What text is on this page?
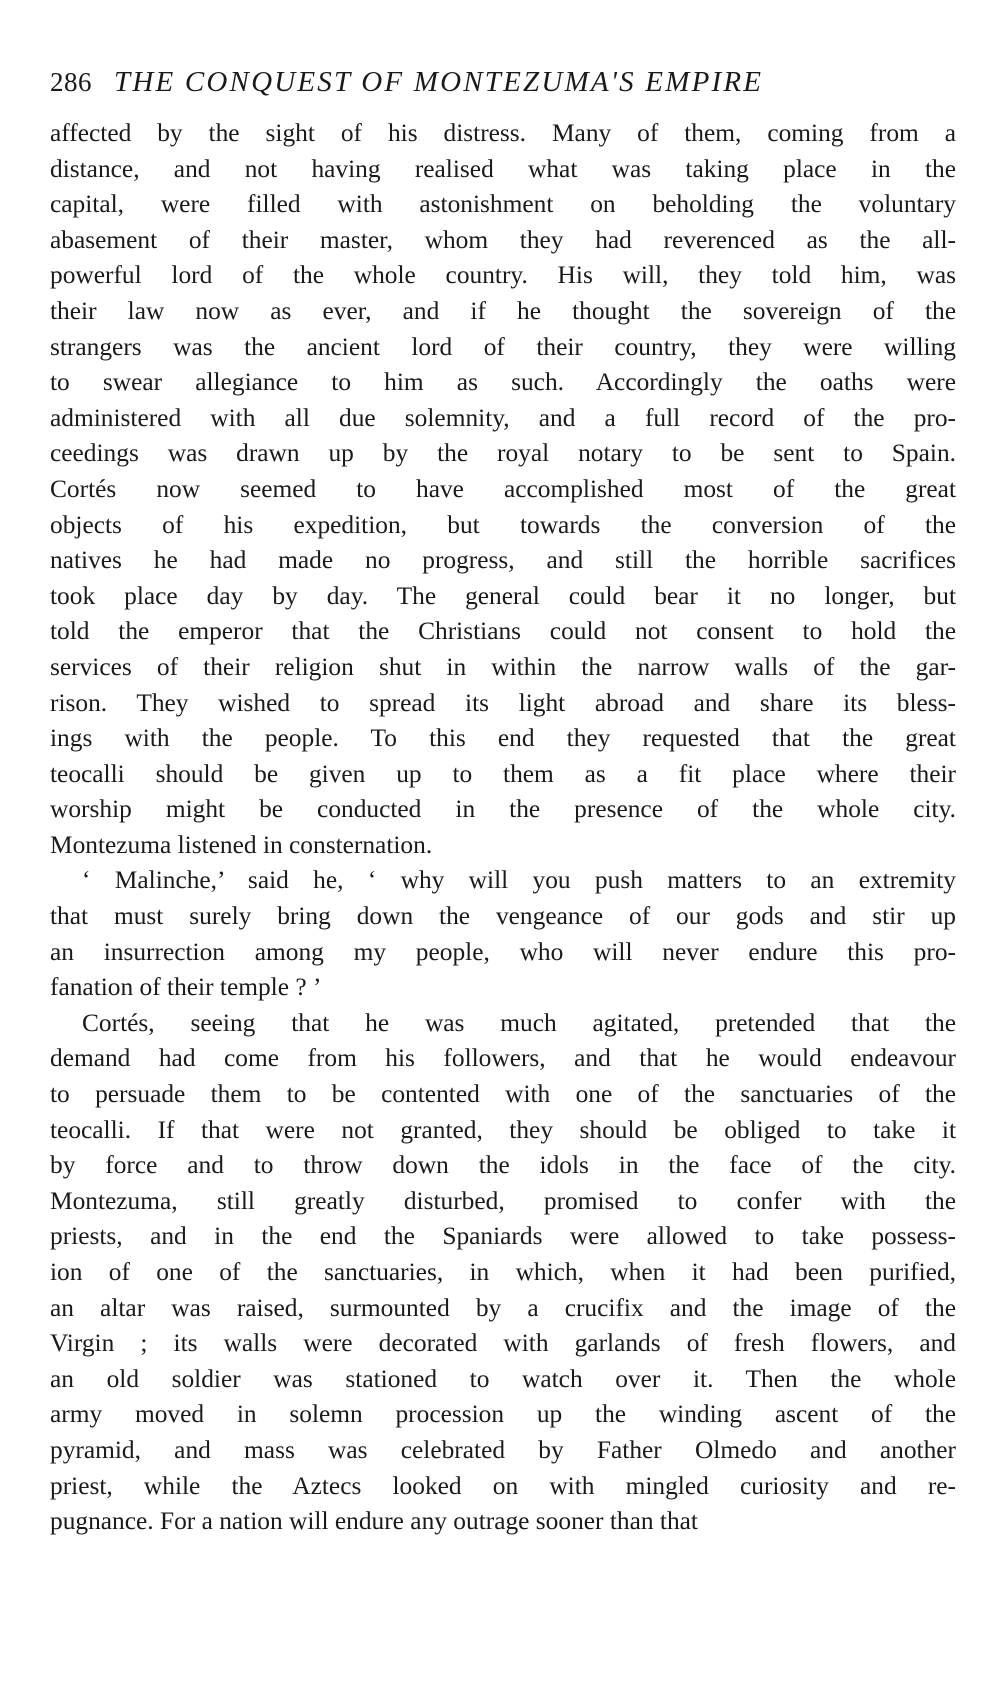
286 THE CONQUEST OF MONTEZUMA'S EMPIRE
affected by the sight of his distress. Many of them, coming from a
distance, and not having realised what was taking place in the
capital, were filled with astonishment on beholding the voluntary
abasement of their master, whom they had reverenced as the all-
powerful lord of the whole country. His will, they told him, was
their law now as ever, and if he thought the sovereign of the
strangers was the ancient lord of their country, they were willing
to swear allegiance to him as such. Accordingly the oaths were
administered with all due solemnity, and a full record of the pro-
ceedings was drawn up by the royal notary to be sent to Spain.
Cortés now seemed to have accomplished most of the great
objects of his expedition, but towards the conversion of the
natives he had made no progress, and still the horrible sacrifices
took place day by day. The general could bear it no longer, but
told the emperor that the Christians could not consent to hold the
services of their religion shut in within the narrow walls of the gar-
rison. They wished to spread its light abroad and share its bless-
ings with the people. To this end they requested that the great
teocalli should be given up to them as a fit place where their
worship might be conducted in the presence of the whole city.
Montezuma listened in consternation.
‘ Malinche,’ said he, ‘ why will you push matters to an extremity
that must surely bring down the vengeance of our gods and stir up
an insurrection among my people, who will never endure this pro-
fanation of their temple ? ’
Cortés, seeing that he was much agitated, pretended that the
demand had come from his followers, and that he would endeavour
to persuade them to be contented with one of the sanctuaries of the
teocalli. If that were not granted, they should be obliged to take it
by force and to throw down the idols in the face of the city.
Montezuma, still greatly disturbed, promised to confer with the
priests, and in the end the Spaniards were allowed to take possess-
ion of one of the sanctuaries, in which, when it had been purified,
an altar was raised, surmounted by a crucifix and the image of the
Virgin ; its walls were decorated with garlands of fresh flowers, and
an old soldier was stationed to watch over it. Then the whole
army moved in solemn procession up the winding ascent of the
pyramid, and mass was celebrated by Father Olmedo and another
priest, while the Aztecs looked on with mingled curiosity and re-
pugnance. For a nation will endure any outrage sooner than that
